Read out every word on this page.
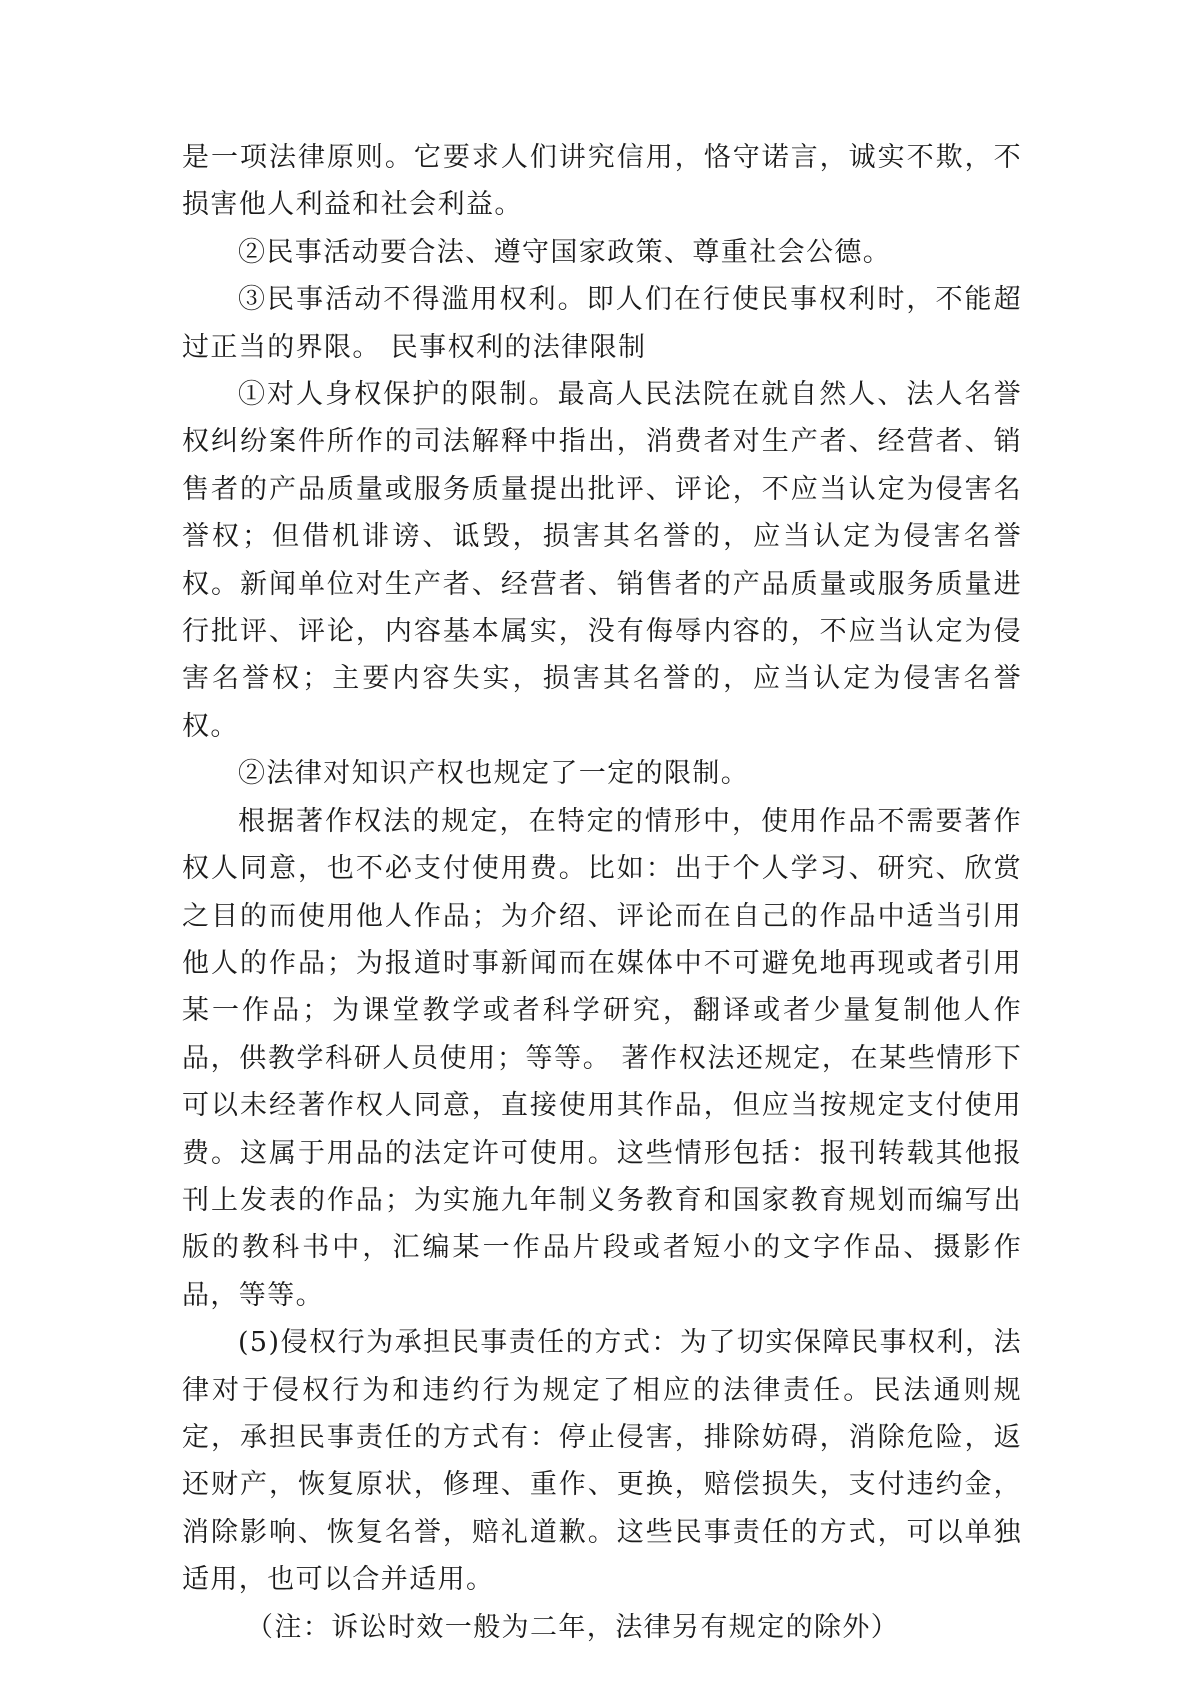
是一项法律原则。它要求人们讲究信用，恪守诺言，诚实不欺，不损害他人利益和社会利益。

②民事活动要合法、遵守国家政策、尊重社会公德。

③民事活动不得滥用权利。即人们在行使民事权利时，不能超过正当的界限。 民事权利的法律限制

①对人身权保护的限制。最高人民法院在就自然人、法人名誉权纠纷案件所作的司法解释中指出，消费者对生产者、经营者、销售者的产品质量或服务质量提出批评、评论，不应当认定为侵害名誉权；但借机诽谤、诋毁，损害其名誉的，应当认定为侵害名誉权。新闻单位对生产者、经营者、销售者的产品质量或服务质量进行批评、评论，内容基本属实，没有侮辱内容的，不应当认定为侵害名誉权；主要内容失实，损害其名誉的，应当认定为侵害名誉权。

②法律对知识产权也规定了一定的限制。

根据著作权法的规定，在特定的情形中，使用作品不需要著作权人同意，也不必支付使用费。比如：出于个人学习、研究、欣赏之目的而使用他人作品；为介绍、评论而在自己的作品中适当引用他人的作品；为报道时事新闻而在媒体中不可避免地再现或者引用某一作品；为课堂教学或者科学研究，翻译或者少量复制他人作品，供教学科研人员使用；等等。 著作权法还规定，在某些情形下可以未经著作权人同意，直接使用其作品，但应当按规定支付使用费。这属于用品的法定许可使用。这些情形包括：报刊转载其他报刊上发表的作品；为实施九年制义务教育和国家教育规划而编写出版的教科书中，汇编某一作品片段或者短小的文字作品、摄影作品，等等。

(5)侵权行为承担民事责任的方式：为了切实保障民事权利，法律对于侵权行为和违约行为规定了相应的法律责任。民法通则规定，承担民事责任的方式有：停止侵害，排除妨碍，消除危险，返还财产，恢复原状，修理、重作、更换，赔偿损失，支付违约金，消除影响、恢复名誉，赔礼道歉。这些民事责任的方式，可以单独适用，也可以合并适用。

（注：诉讼时效一般为二年，法律另有规定的除外）
